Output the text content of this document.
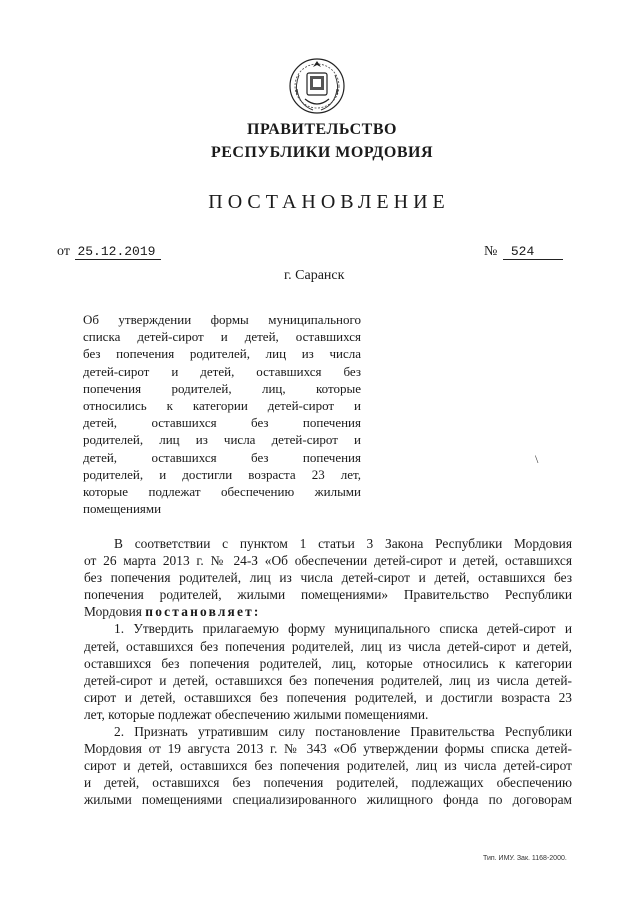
ПРАВИТЕЛЬСТВО
РЕСПУБЛИКИ МОРДОВИЯ
ПОСТАНОВЛЕНИЕ
от 25.12.2019	№ 524
г. Саранск
Об утверждении формы муниципального
списка детей-сирот и детей, оставшихся
без попечения родителей, лиц из числа
детей-сирот и детей, оставшихся без
попечения родителей, лиц, которые
относились к категории детей-сирот и
детей, оставшихся без попечения
родителей, лиц из числа детей-сирот и
детей, оставшихся без попечения
родителей, и достигли возраста 23 лет,
которые подлежат обеспечению жилыми
помещениями
\
В соответствии с пунктом 1 статьи 3 Закона Республики Мордовия
от 26 марта 2013 г. № 24-З «Об обеспечении детей-сирот и детей, оставшихся
без попечения родителей, лиц из числа детей-сирот и детей, оставшихся без
попечения родителей, жилыми помещениями» Правительство Республики
Мордовия постановляет:
1. Утвердить прилагаемую форму муниципального списка детей-сирот и
детей, оставшихся без попечения родителей, лиц из числа детей-сирот и детей,
оставшихся без попечения родителей, лиц, которые относились к категории
детей-сирот и детей, оставшихся без попечения родителей, лиц из числа детей-
сирот и детей, оставшихся без попечения родителей, и достигли возраста 23
лет, которые подлежат обеспечению жилыми помещениями.
2. Признать утратившим силу постановление Правительства Республики
Мордовия от 19 августа 2013 г. № 343 «Об утверждении формы списка детей-
сирот и детей, оставшихся без попечения родителей, лиц из числа детей-сирот
и детей, оставшихся без попечения родителей, подлежащих обеспечению
жилыми помещениями специализированного жилищного фонда по договорам
Тип. ИМУ. Зак. 1168-2000.
